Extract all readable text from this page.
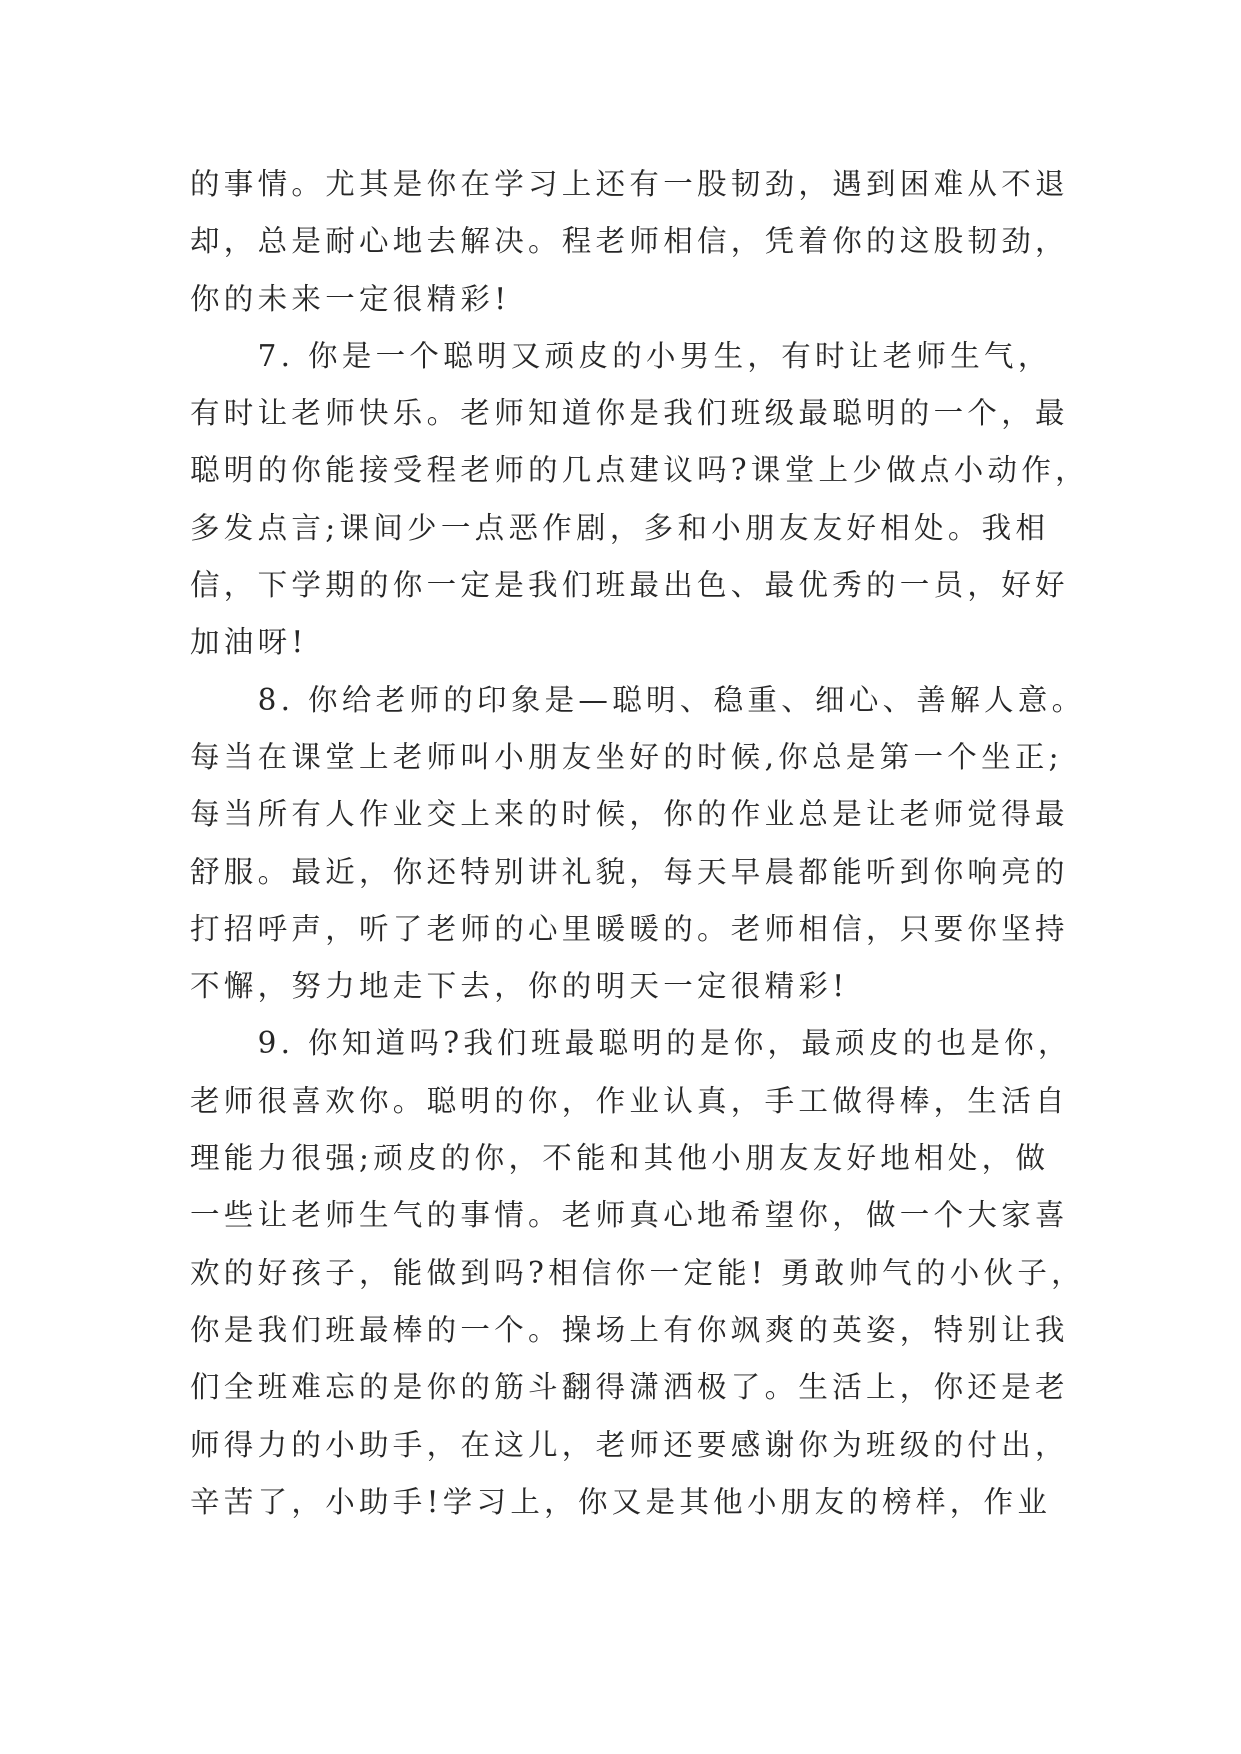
的事情。尤其是你在学习上还有一股韧劲，遇到困难从不退

却，总是耐心地去解决。程老师相信，凭着你的这股韧劲，

你的未来一定很精彩!

　　7. 你是一个聪明又顽皮的小男生，有时让老师生气，

有时让老师快乐。老师知道你是我们班级最聪明的一个，最

聪明的你能接受程老师的几点建议吗?课堂上少做点小动作，

多发点言;课间少一点恶作剧，多和小朋友友好相处。我相

信，下学期的你一定是我们班最出色、最优秀的一员，好好

加油呀!

　　8. 你给老师的印象是—聪明、稳重、细心、善解人意。

每当在课堂上老师叫小朋友坐好的时候,你总是第一个坐正;

每当所有人作业交上来的时候，你的作业总是让老师觉得最

舒服。最近，你还特别讲礼貌，每天早晨都能听到你响亮的

打招呼声，听了老师的心里暖暖的。老师相信，只要你坚持

不懈，努力地走下去，你的明天一定很精彩!

　　9. 你知道吗?我们班最聪明的是你，最顽皮的也是你，

老师很喜欢你。聪明的你，作业认真，手工做得棒，生活自

理能力很强;顽皮的你，不能和其他小朋友友好地相处，做

一些让老师生气的事情。老师真心地希望你，做一个大家喜

欢的好孩子，能做到吗?相信你一定能! 勇敢帅气的小伙子，

你是我们班最棒的一个。操场上有你飒爽的英姿，特别让我

们全班难忘的是你的筋斗翻得潇洒极了。生活上，你还是老

师得力的小助手，在这儿，老师还要感谢你为班级的付出，

辛苦了，小助手!学习上，你又是其他小朋友的榜样，作业
